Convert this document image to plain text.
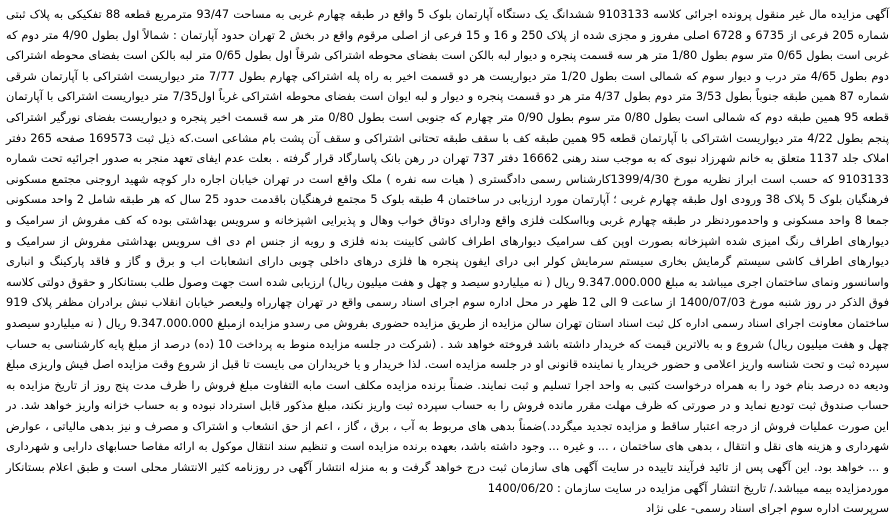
آگهی مزایده مال غیر منقول پرونده اجرائی کلاسه 9103133 ششدانگ یک دستگاه آپارتمان بلوک 5 واقع در طبقه چهارم غربی به مساحت 93/47 مترمربع قطعه 88 تفکیکی به پلاک ثبتی شماره 205 فرعی از 6735 و 6728 اصلی مفروز و مجزی شده از پلاک 250 و 16 و 15 فرعی از اصلی مرقوم واقع در بخش 2 تهران حدود آپارتمان : شمالاً اول بطول 4/90 متر دوم که غربی است بطول 0/65 متر سوم بطول 1/80 متر هر سه قسمت پنجره و دیوار لبه بالکن است بفضای محوطه اشتراکی شرقاً اول بطول 0/65 متر لبه بالکن است بفضای محوطه اشتراکی دوم بطول 4/65 متر درب و دیوار سوم که شمالی است بطول 1/20 متر دیواریست هر دو قسمت اخیر به راه پله اشتراکی چهارم بطول 7/77 متر دیواریست اشتراکی با آپارتمان شرقی شماره 87 همین طبقه جنوباً بطول 3/53 متر دوم بطول 4/37 متر هر دو قسمت پنجره و دیوار و لبه ایوان است بفضای محوطه اشتراکی غرباً اول7/35 متر دیواریست اشتراکی با آپارتمان قطعه 95 همین طبقه دوم که شمالی است بطول 0/80 متر سوم بطول 0/90 متر چهارم که جنوبی است بطول 0/80 متر هر سه قسمت اخیر پنجره و دیواریست بفضای نورگیر اشتراکی پنجم بطول 4/22 متر دیواریست اشتراکی با آپارتمان قطعه 95 همین طبقه کف با سقف طبقه تحتانی اشتراکی و سقف آن پشت بام مشاعی است.که ذیل ثبت 169573 صفحه 265 دفتر املاک جلد 1137 متعلق به خانم شهرزاد نبوی که به موجب سند رهنی 16662 دفتر 737 تهران در رهن بانک پاسارگاد قرار گرفته . بعلت عدم ایفای تعهد منجر به صدور اجرائیه تحت شماره 9103133 که حسب است ابراز نظریه مورخ 1399/4/30کارشناس رسمی دادگستری ( هیات سه نفره ) ملک واقع است در تهران خیابان اجاره دار کوچه شهید اروجنی مجتمع مسکونی فرهنگیان بلوک 5 پلاک 38 ورودی اول طبقه چهارم غربی ؛ آپارتمان مورد ارزیابی در ساختمان 4 طبقه بلوک 5 مجتمع فرهنگیان باقدمت حدود 25 سال که هر طبقه شامل 2 واحد مسکونی جمعا 8 واحد مسکونی و واحدموردنظر در طبقه چهارم غربی وبااسکلت فلزی واقع ودارای دوتاق خواب وهال و پذیرایی اشپزخانه و سرویس بهداشتی بوده که کف مفروش از سرامیک و دیوارهای اطراف رنگ امیزی شده اشپزخانه بصورت اوپن کف سرامیک دیوارهای اطراف کاشی کابینت بدنه فلزی و رویه از جنس ام دی اف سرویس بهداشتی مفروش از سرامیک و دیوارهای اطراف کاشی سیستم گرمایش بخاری سیستم سرمایش کولر ابی درای ایفون پنجره ها فلزی درهای داخلی چوبی دارای انشعابات اب و برق و گاز و فاقد پارکینگ و انباری واسانسور ونمای ساختمان اجری میباشد به مبلغ 9.347.000.000 ریال ( نه میلیاردو سیصد و چهل و هفت میلیون ریال) ارزیابی شده است جهت وصول طلب بستانکار و حقوق دولتی کلاسه فوق الذکر در روز شنبه مورخ 1400/07/03 از ساعت 9 الی 12 ظهر در محل اداره سوم اجرای اسناد رسمی واقع در تهران چهارراه ولیعصر خیابان انقلاب نبش برادران مظفر پلاک 919 ساختمان معاونت اجرای اسناد رسمی اداره کل ثبت اسناد استان تهران سالن مزایده از طریق مزایده حضوری بفروش می رسدو مزایده ازمبلغ 9.347.000.000 ریال ( نه میلیاردو سیصدو چهل و هفت میلیون ریال) شروع و به بالاترین قیمت که خریدار داشته باشد فروخته خواهد شد . (شرکت در جلسه مزایده منوط به پرداخت 10 (ده) درصد از مبلغ پایه کارشناسی به حساب سپرده ثبت و تحت شناسه واریز اعلامی و حضور خریدار یا نماینده قانونی او در جلسه مزایده است. لذا خریدار و یا خریداران می بایست تا قبل از شروع وقت مزایده اصل فیش واریزی مبلغ ودیعه ده درصد بنام خود را به همراه درخواست کتبی به واحد اجرا تسلیم و ثبت نمایند. ضمناً برنده مزایده مکلف است مابه التفاوت مبلغ فروش را ظرف مدت پنج روز از تاریخ مزایده به حساب صندوق ثبت تودیع نماید و در صورتی که ظرف مهلت مقرر مانده فروش را به حساب سپرده ثبت واریز نکند، مبلغ مذکور قابل استرداد نبوده و به حساب خزانه واریز خواهد شد. در این صورت عملیات فروش از درجه اعتبار ساقط و مزایده تجدید میگردد.)ضمناً بدهی های مربوط به آب ، برق ، گاز ، اعم از حق انشعاب و اشتراک و مصرف و نیز بدهی مالیاتی ، عوارض شهرداری و هزینه های نقل و انتقال ، بدهی های ساختمان ، ... و غیره ... وجود داشته باشد، بعهده برنده مزایده است و تنظیم سند انتقال موکول به ارائه مفاصا حسابهای دارایی و شهرداری و ... خواهد بود. این آگهی پس از تائید فرآیند تاییده در سایت آگهی های سازمان ثبت درج خواهد گرفت و به منزله انتشار آگهی در روزنامه کثیر الانتشار محلی است و طبق اعلام بستانکار موردمزایده بیمه میباشد./ تاریخ انتشار آگهی مزایده در سایت سازمان : 1400/06/20

سرپرست اداره سوم اجرای اسناد رسمی- علی نژاد
